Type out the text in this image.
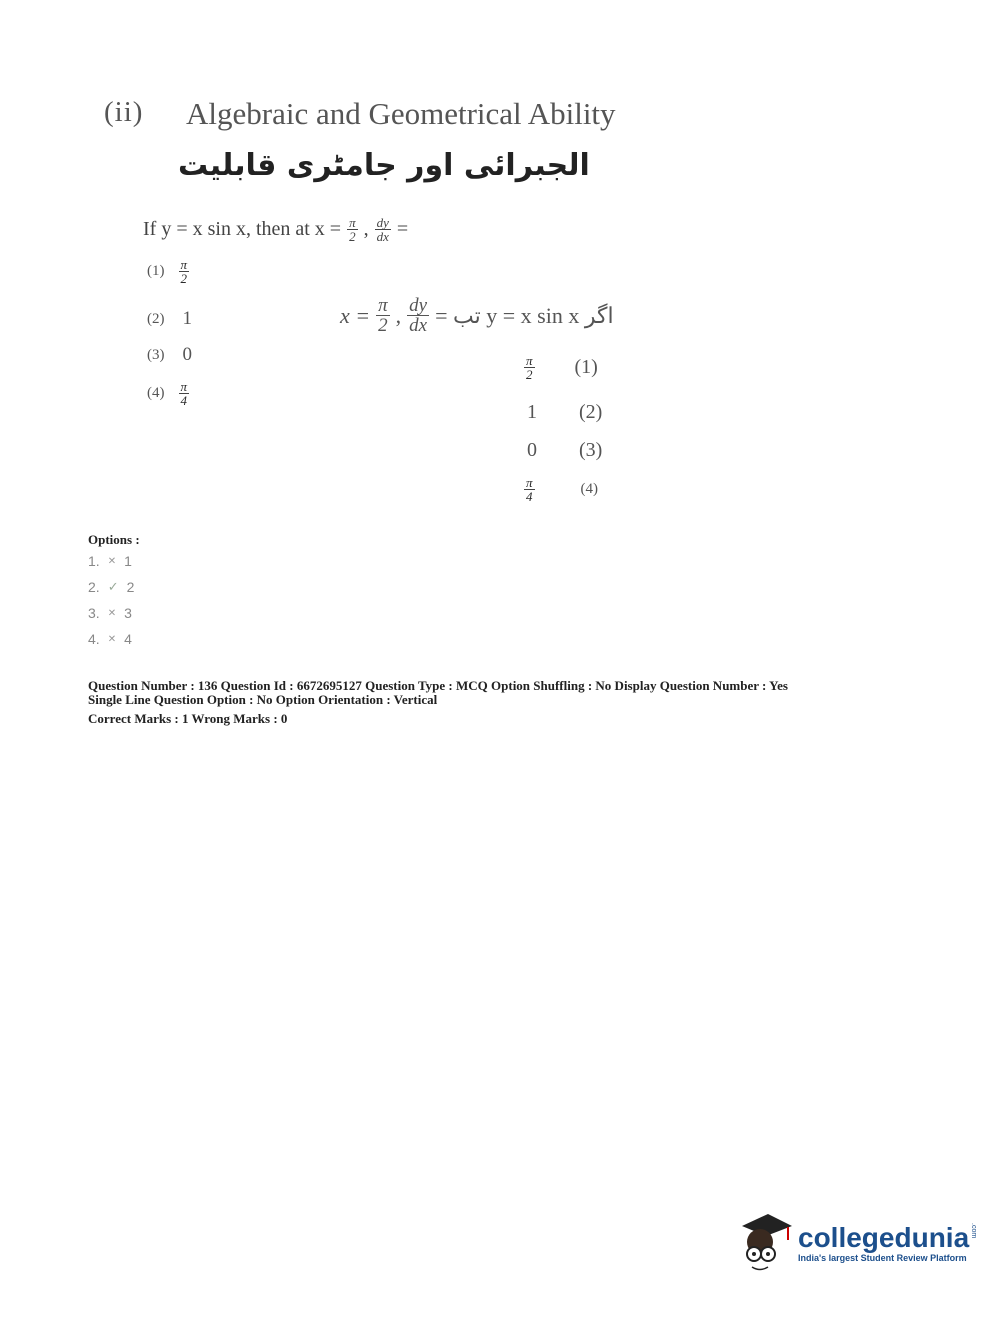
(ii) Algebraic and Geometrical Ability
الجبرائی اور جامٹری قابلیت
If y = x sin x, then at $x = \frac{\pi}{2}$ , $\frac{dy}{dx}$ =
$(1) \frac{\pi}{2}$
(2) 1
(3) 0
$(4) \frac{\pi}{4}$
$x = \frac{\pi}{2}$ , $\frac{dy}{dx}$ = تب y = x sin x اگر
$\frac{\pi}{2} (1)$
1 (2)
0 (3)
$\frac{\pi}{4}$	(4)
Options :
1. ✕ 1
2. ✓ 2
3. ✕ 3
4. ✕ 4
Question Number : 136 Question Id : 6672695127 Question Type : MCQ Option Shuffling : No Display Question Number : Yes
Single Line Question Option : No Option Orientation : Vertical
Correct Marks : 1 Wrong Marks : 0
collegedunia .com
India's largest Student Review Platform
